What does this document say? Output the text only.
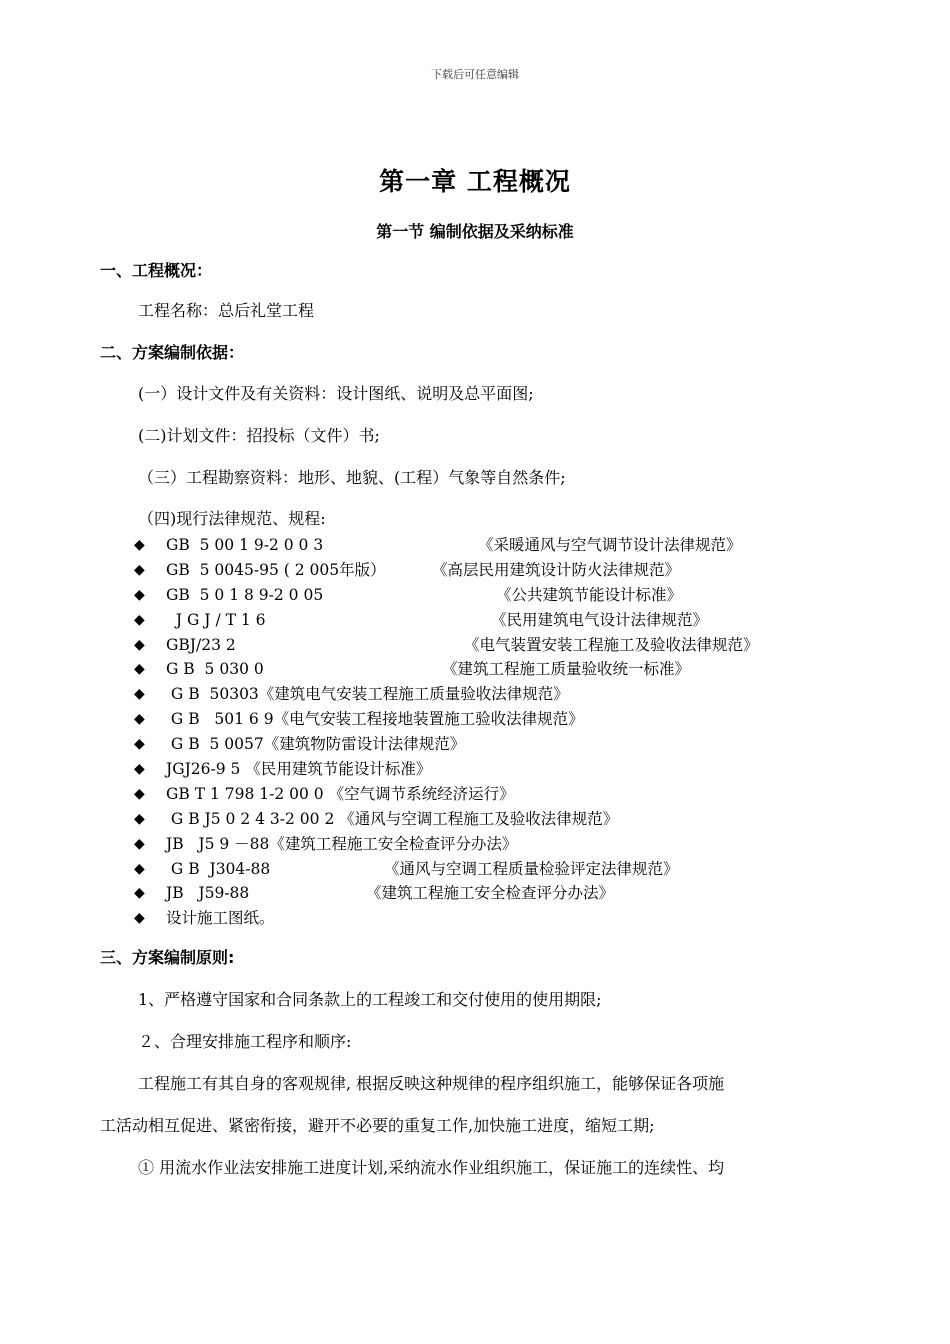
下载后可任意编辑
第一章 工程概况
第一节 编制依据及采纳标准
一、工程概况：
工程名称：总后礼堂工程
二、方案编制依据：
(一）设计文件及有关资料：设计图纸、说明及总平面图;
(二)计划文件：招投标（文件）书;
（三）工程勘察资料：地形、地貌、(工程）气象等自然条件;
（四)现行法律规范、规程:
◆	GB  5 00 1 9-2 0 0 3	《采暖通风与空气调节设计法律规范》
◆	GB  5 0045-95 ( 2 005年版）	《高层民用建筑设计防火法律规范》
◆	GB  5 0 1 8 9-2 0 05	《公共建筑节能设计标准》
◆	J G J / T 1 6	《民用建筑电气设计法律规范》
◆	GBJ/23 2	《电气装置安装工程施工及验收法律规范》
◆	G B  5 030 0	《建筑工程施工质量验收统一标准》
◆	G B  50303 《建筑电气安装工程施工质量验收法律规范》
◆	G B   501 6 9 《电气安装工程接地装置施工验收法律规范》
◆	G B  5 0057 《建筑物防雷设计法律规范》
◆	JGJ26-9 5 《民用建筑节能设计标准》
◆	GB T 1 798 1-2 00 0 《空气调节系统经济运行》
◆	G B J5 0 2 4 3-2 00 2 《通风与空调工程施工及验收法律规范》
◆	JB   J5 9 －88 《建筑工程施工安全检查评分办法》
◆	G B  J304-88	《通风与空调工程质量检验评定法律规范》
◆	JB   J59-88	《建筑工程施工安全检查评分办法》
◆	设计施工图纸。
三、方案编制原则:
1、严格遵守国家和合同条款上的工程竣工和交付使用的使用期限;
２、合理安排施工程序和顺序:
工程施工有其自身的客观规律, 根据反映这种规律的程序组织施工，能够保证各项施
工活动相互促进、紧密衔接，避开不必要的重复工作,加快施工进度，缩短工期;
① 用流水作业法安排施工进度计划,采纳流水作业组织施工，保证施工的连续性、均
